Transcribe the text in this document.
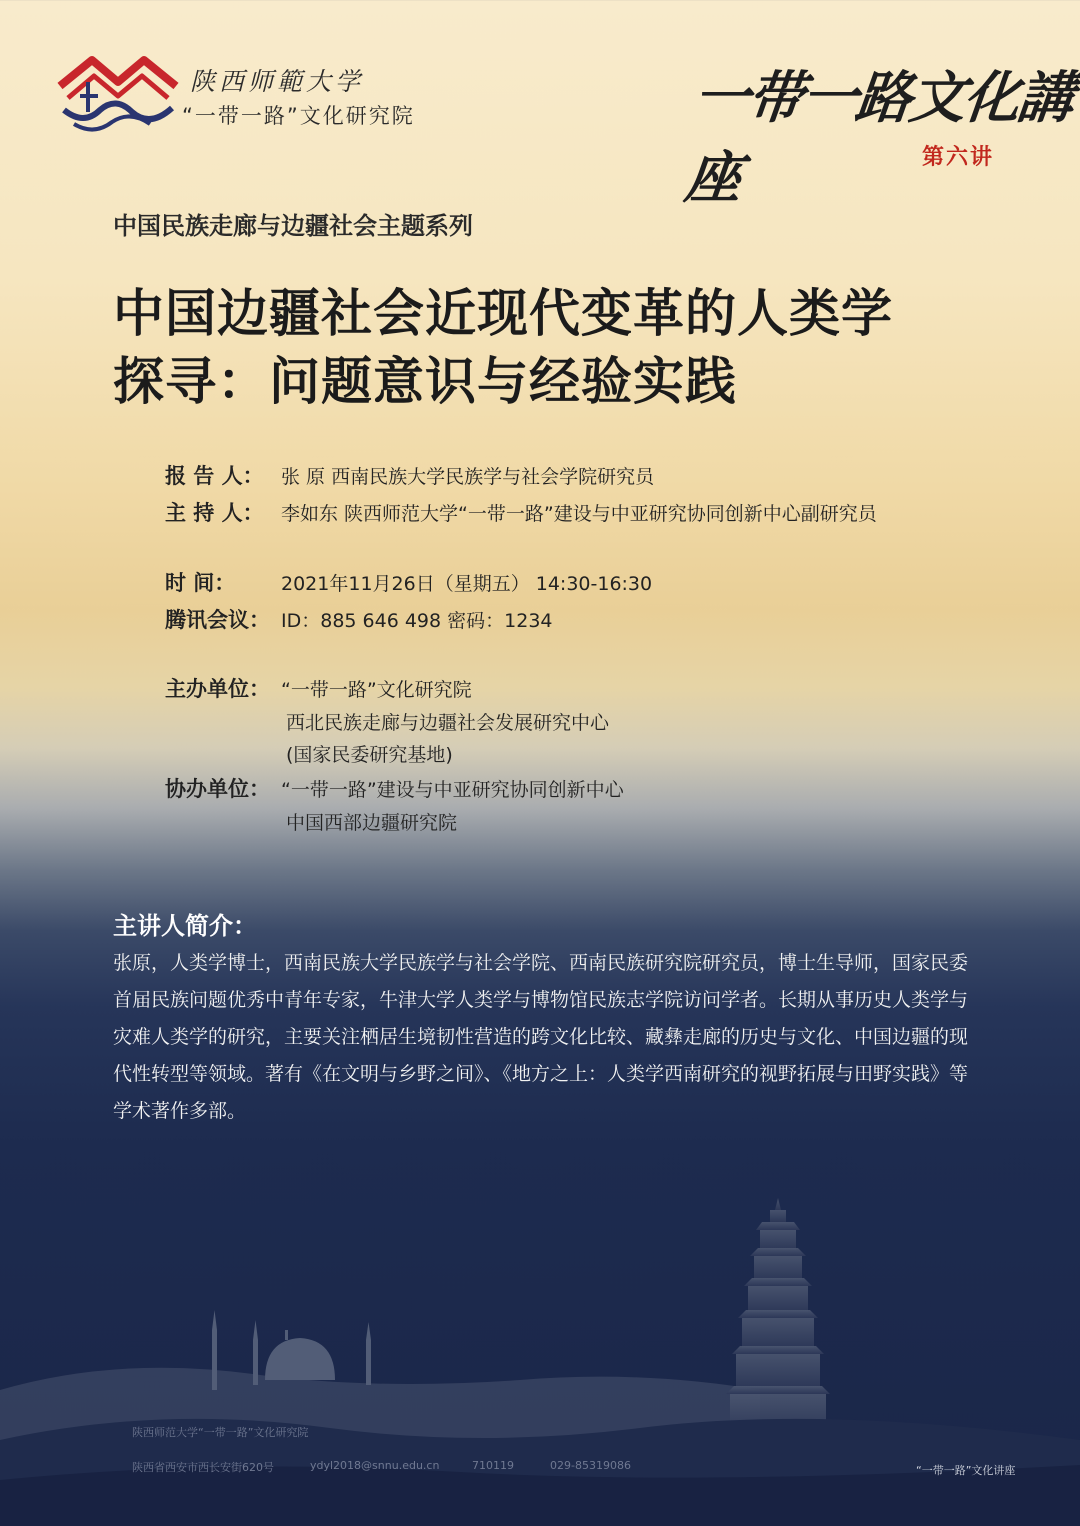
陕西师範大学
“一带一路”文化研究院	一带一路文化講座	第六讲
中国民族走廊与边疆社会主题系列
中国边疆社会近现代变革的人类学
探寻：问题意识与经验实践
报 告 人： 张 原 西南民族大学民族学与社会学院研究员
主 持 人： 李如东 陕西师范大学“一带一路”建设与中亚研究协同创新中心副研究员
时 间： 2021年11月26日（星期五） 14:30-16:30
腾讯会议： ID：885 646 498 密码：1234
主办单位： “一带一路”文化研究院
西北民族走廊与边疆社会发展研究中心
(国家民委研究基地)
协办单位： “一带一路”建设与中亚研究协同创新中心
中国西部边疆研究院
主讲人简介：
张原，人类学博士，西南民族大学民族学与社会学院、西南民族研究院研究员，博士生导师，国家民委首届民族问题优秀中青年专家，牛津大学人类学与博物馆民族志学院访问学者。长期从事历史人类学与灾难人类学的研究，主要关注栖居生境韧性营造的跨文化比较、藏彝走廊的历史与文化、中国边疆的现代性转型等领域。著有《在文明与乡野之间》、《地方之上：人类学西南研究的视野拓展与田野实践》等学术著作多部。
陕西师范大学“一带一路”文化研究院
陕西省西安市西长安街620号	ydyl2018@snnu.edu.cn	710119	029-85319086	“一带一路”文化讲座
